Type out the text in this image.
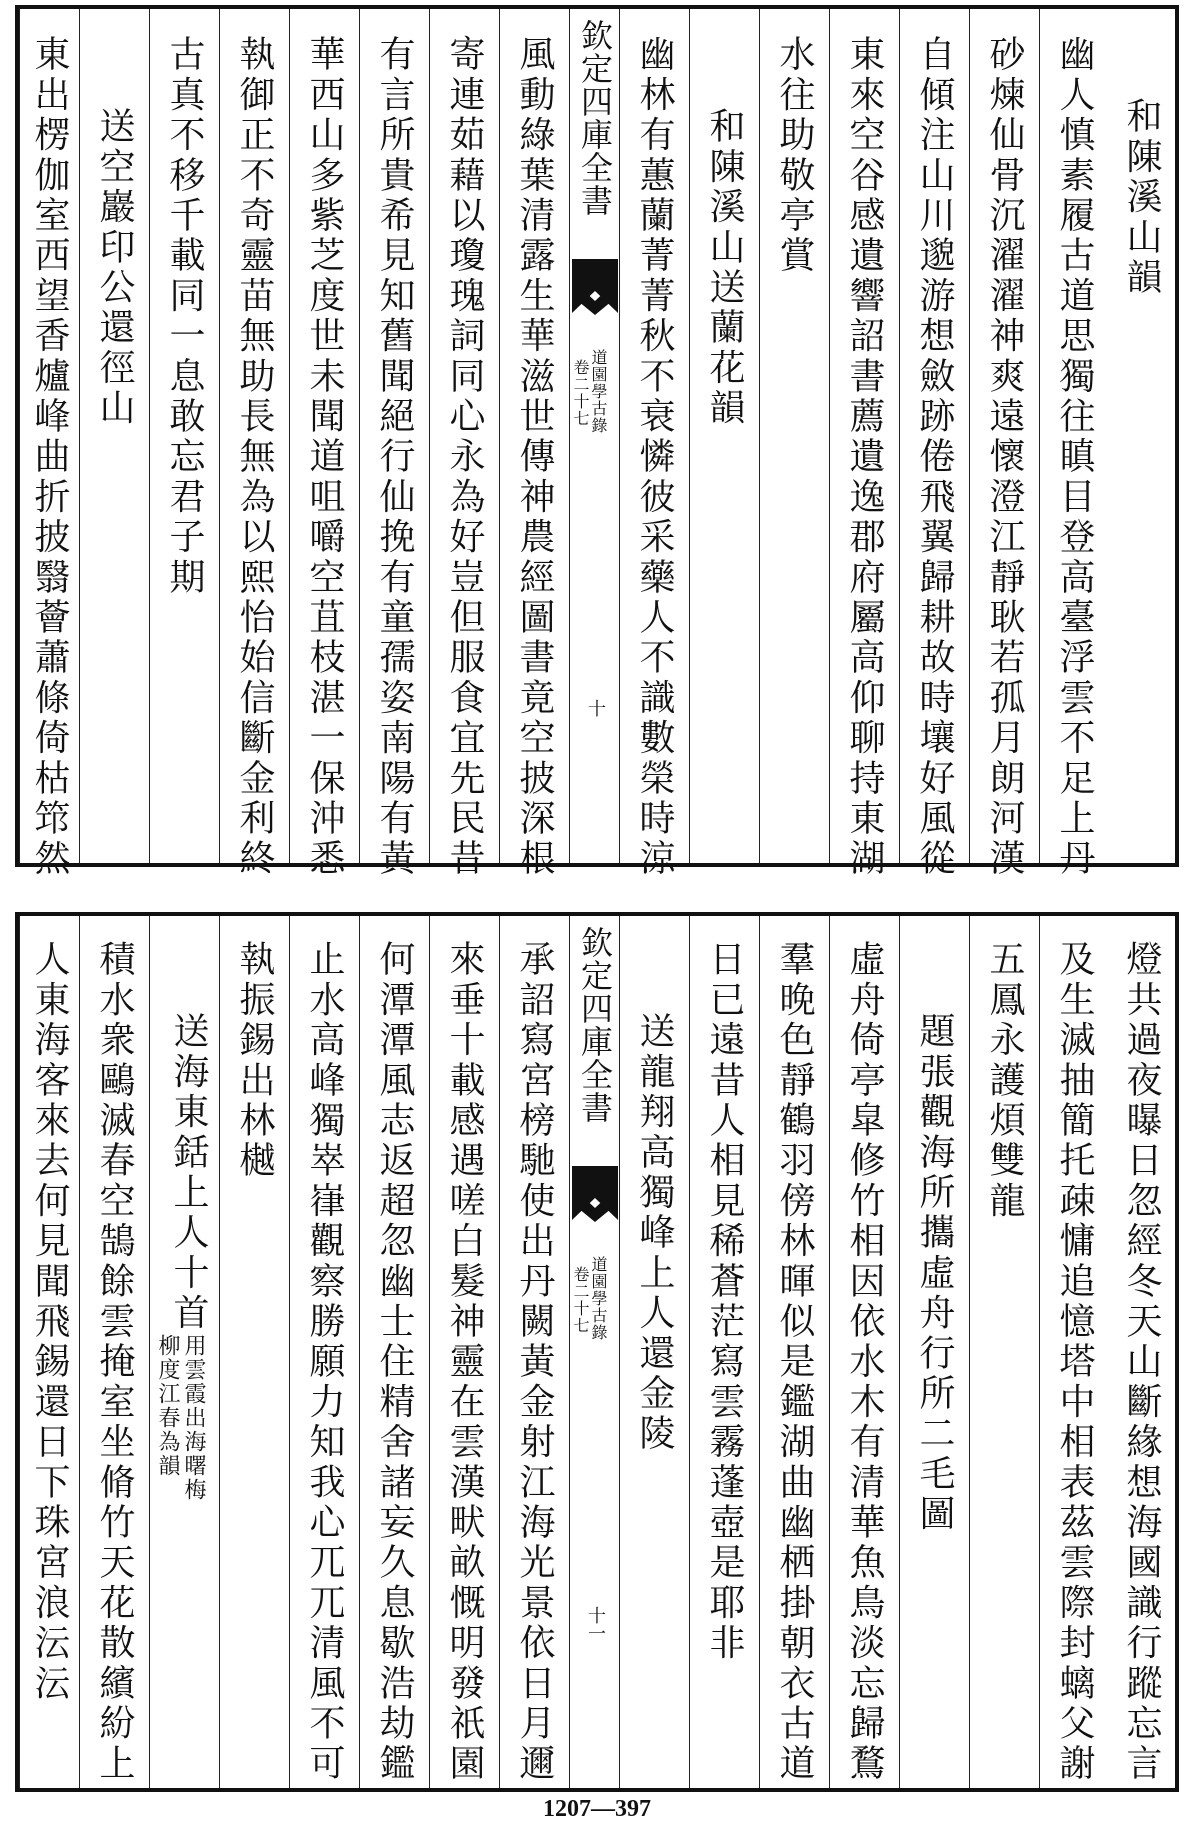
和陳溪山韻
幽人慎素履古道思獨往瞋目登高臺浮雲不足上丹
砂煉仙骨沉濯濯神爽遠懷澄江靜耿若孤月朗河漢
自傾注山川邈游想斂跡倦飛翼歸耕故時壤好風從
東來空谷感遺響詔書薦遺逸郡府屬高仰聊持東湖
水往助敬亭賞
和陳溪山送蘭花韻
幽林有蕙蘭菁菁秋不衰憐彼采藥人不識數榮時涼
欽定四庫全書
道園學古錄
卷二十七
十
風動綠葉清露生華滋世傳神農經圖書竟空披深根
寄連茹藉以瓊瑰詞同心永為好豈但服食宜先民昔
有言所貴希見知舊聞絕行仙挽有童孺姿南陽有黃
華西山多紫芝度世未聞道咀嚼空苴枝湛一保沖悉
執御正不奇靈苗無助長無為以熙怡始信斷金利終
古真不移千載同一息敢忘君子期
送空巖印公還徑山
東出楞伽室西望香爐峰曲折披翳薈蕭條倚枯筇然
燈共過夜曝日忽經冬天山斷緣想海國識行蹤忘言
及生滅抽簡托疎慵追憶塔中相表茲雲際封螭父謝
五鳳永護煩雙龍
題張觀海所攜虛舟行所二毛圖
虛舟倚亭皐修竹相因依水木有清華魚鳥淡忘歸鶩
羣晚色靜鶴羽傍林暉似是鑑湖曲幽栖掛朝衣古道
日已遠昔人相見稀蒼茫寫雲霧蓬壺是耶非
送龍翔高獨峰上人還金陵
欽定四庫全書
道園學古錄
卷二十七
十一
承詔寫宮榜馳使出丹闕黃金射江海光景依日月邇
來垂十載感遇嗟白髮神靈在雲漢畎畝慨明發祇園
何潭潭風志返超忽幽士住精舍諸妄久息歇浩劫鑑
止水高峰獨崒嵂觀察勝願力知我心兀兀清風不可
執振錫出林樾
送海東銛上人十首
用雲霞出海曙梅
柳度江春為韻
積水衆鷗滅春空鵠餘雲掩室坐脩竹天花散繽紛上
人東海客來去何見聞飛錫還日下珠宮浪沄沄
1207—397
